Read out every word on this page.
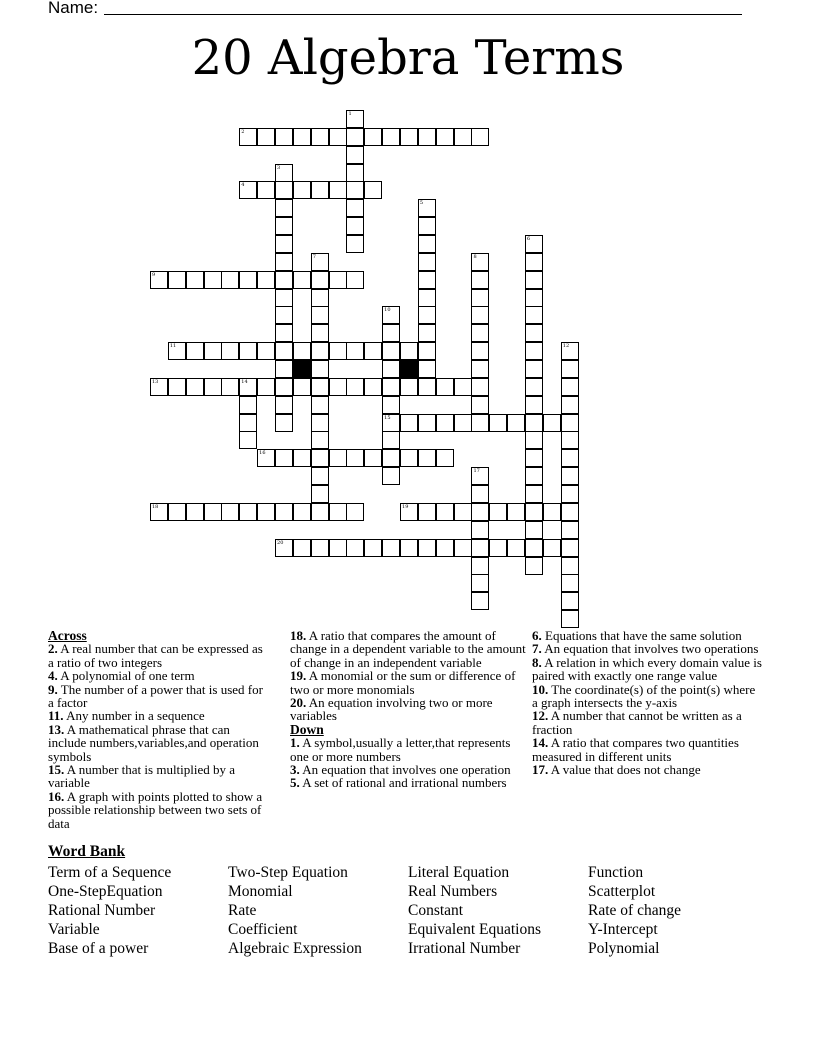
Name:
20 Algebra Terms
1
2
3
4
5
6
7	8
9
10
11	12
13	14
15
16
17
18	19
20

Across

2. A real number that can be expressed as a ratio of two integers

4. A polynomial of one term

9. The number of a power that is used for a factor

11. Any number in a sequence

13. A mathematical phrase that can include numbers,variables,and operation symbols

15. A number that is multiplied by a variable

16. A graph with points plotted to show a possible relationship between two sets of data

18. A ratio that compares the amount of change in a dependent variable to the amount of change in an independent variable

19. A monomial or the sum or difference of two or more monomials

20. An equation involving two or more variables

Down

1. A symbol,usually a letter,that represents one or more numbers

3. An equation that involves one operation

5. A set of rational and irrational numbers

6. Equations that have the same solution

7. An equation that involves two operations

8. A relation in which every domain value is paired with exactly one range value

10. The coordinate(s) of the point(s) where a graph intersects the y-axis

12. A number that cannot be written as a fraction

14. A ratio that compares two quantities measured in different units

17. A value that does not change

Word Bank
Term of a Sequence
One-StepEquation
Rational Number
Variable
Base of a power
Two-Step Equation
Monomial
Rate
Coefficient
Algebraic Expression
Literal Equation
Real Numbers
Constant
Equivalent Equations
Irrational Number
Function
Scatterplot
Rate of change
Y-Intercept
Polynomial
